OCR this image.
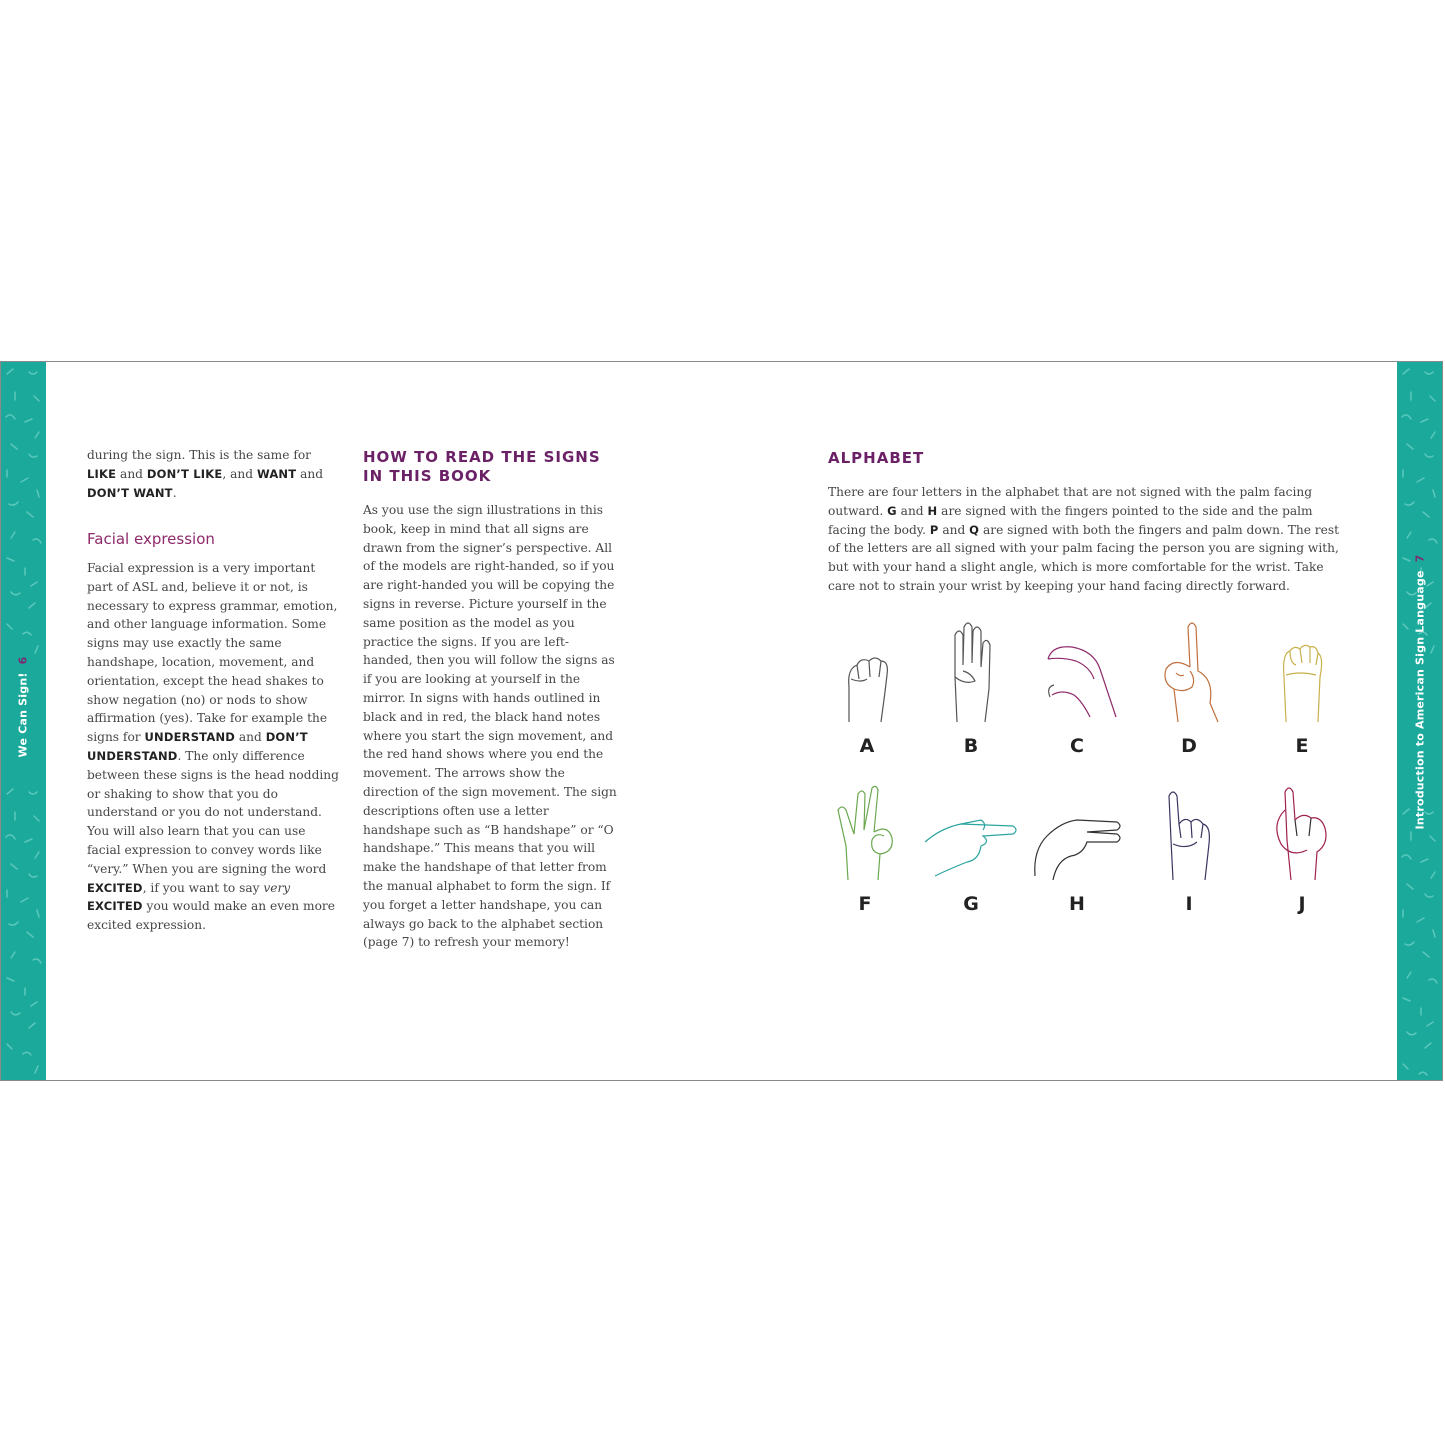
We Can Sign!6	Introduction to American Sign Language7

during the sign. This is the same for LIKE and DON’T LIKE, and WANT and DON’T WANT.

Facial expression

Facial expression is a very important part of ASL and, believe it or not, is necessary to express grammar, emotion, and other language information. Some signs may use exactly the same handshape, location, movement, and orientation, except the head shakes to show negation (no) or nods to show affirmation (yes). Take for example the signs for UNDERSTAND and DON’T UNDERSTAND. The only difference between these signs is the head nodding or shaking to show that you do understand or you do not understand. You will also learn that you can use facial expression to convey words like “very.” When you are signing the word EXCITED, if you want to say very EXCITED you would make an even more excited expression.

HOW TO READ THE SIGNS
IN THIS BOOK

As you use the sign illustrations in this book, keep in mind that all signs are drawn from the signer’s perspective. All of the models are right-handed, so if you are right-handed you will be copying the signs in reverse. Picture yourself in the same position as the model as you practice the signs. If you are left-handed, then you will follow the signs as if you are looking at yourself in the mirror. In signs with hands outlined in black and in red, the black hand notes where you start the sign movement, and the red hand shows where you end the movement. The arrows show the direction of the sign movement. The sign descriptions often use a letter handshape such as “B handshape” or “O handshape.” This means that you will make the handshape of that letter from the manual alphabet to form the sign. If you forget a letter handshape, you can always go back to the alphabet section (page 7) to refresh your memory!

ALPHABET

There are four letters in the alphabet that are not signed with the palm facing outward. G and H are signed with the fingers pointed to the side and the palm facing the body. P and Q are signed with both the fingers and palm down. The rest of the letters are all signed with your palm facing the person you are signing with, but with your hand a slight angle, which is more comfortable for the wrist. Take care not to strain your wrist by keeping your hand facing directly forward.

A	B	C	D	E
F	G	H	I	J
